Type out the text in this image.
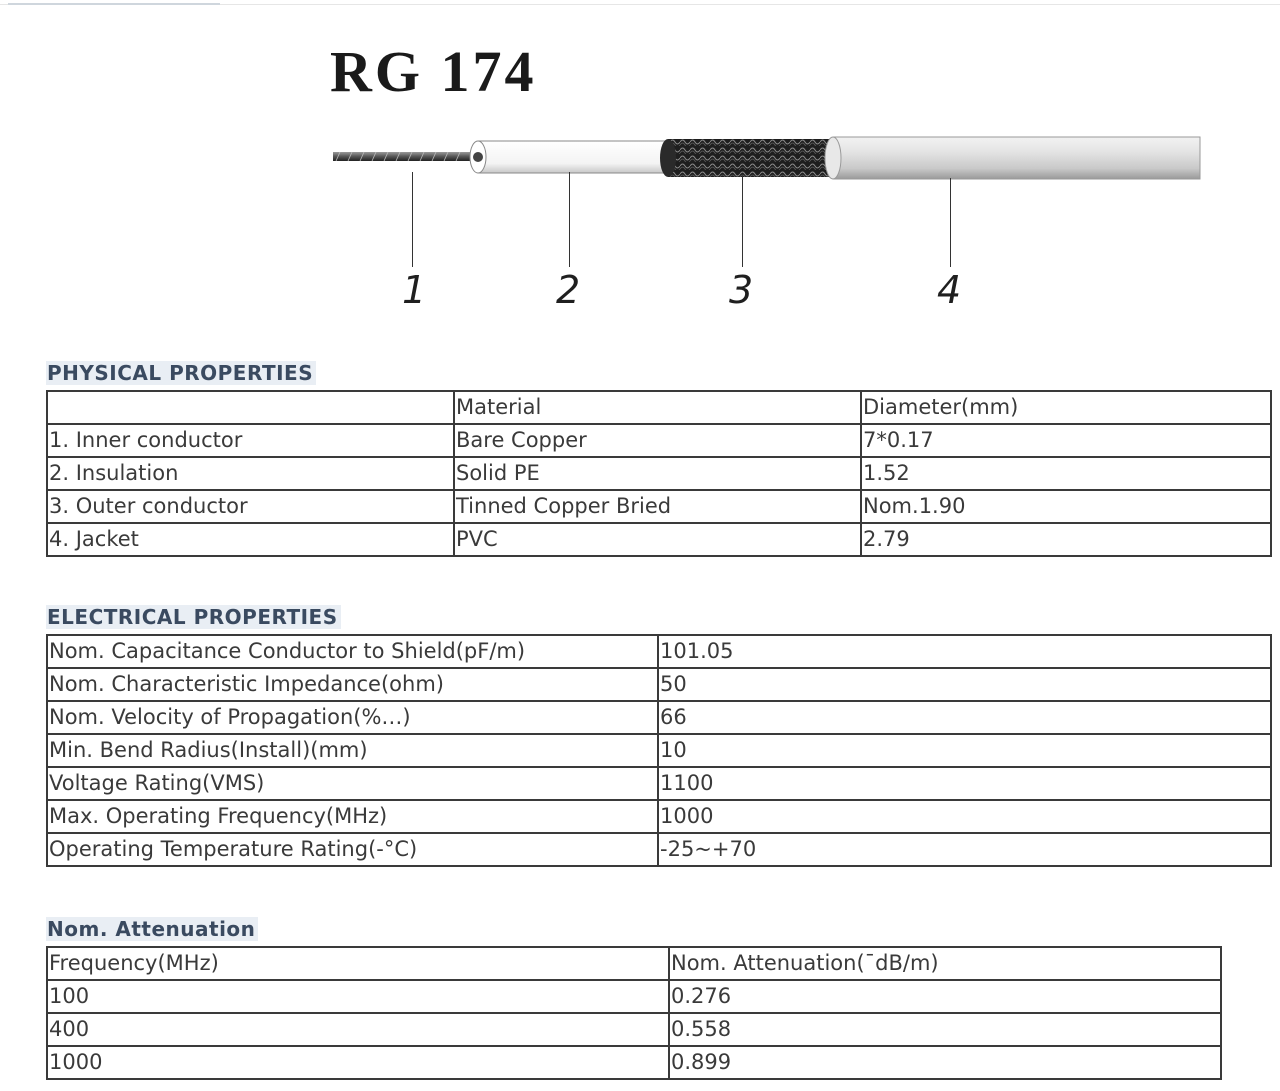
RG 174
1	2	3	4
PHYSICAL PROPERTIES
	Material	Diameter(mm)
1. Inner conductor	Bare Copper	7*0.17
2. Insulation	Solid PE	1.52
3. Outer conductor	Tinned Copper Bried	Nom.1.90
4. Jacket	PVC	2.79
ELECTRICAL PROPERTIES
Nom. Capacitance Conductor to Shield(pF/m)	101.05
Nom. Characteristic Impedance(ohm)	50
Nom. Velocity of Propagation(%…)	66
Min. Bend Radius(Install)(mm)	10
Voltage Rating(VMS)	1100
Max. Operating Frequency(MHz)	1000
Operating Temperature Rating(-°C)	-25~+70
Nom. Attenuation
Frequency(MHz)	Nom. Attenuation(¯dB/m)
100	0.276
400	0.558
1000	0.899
